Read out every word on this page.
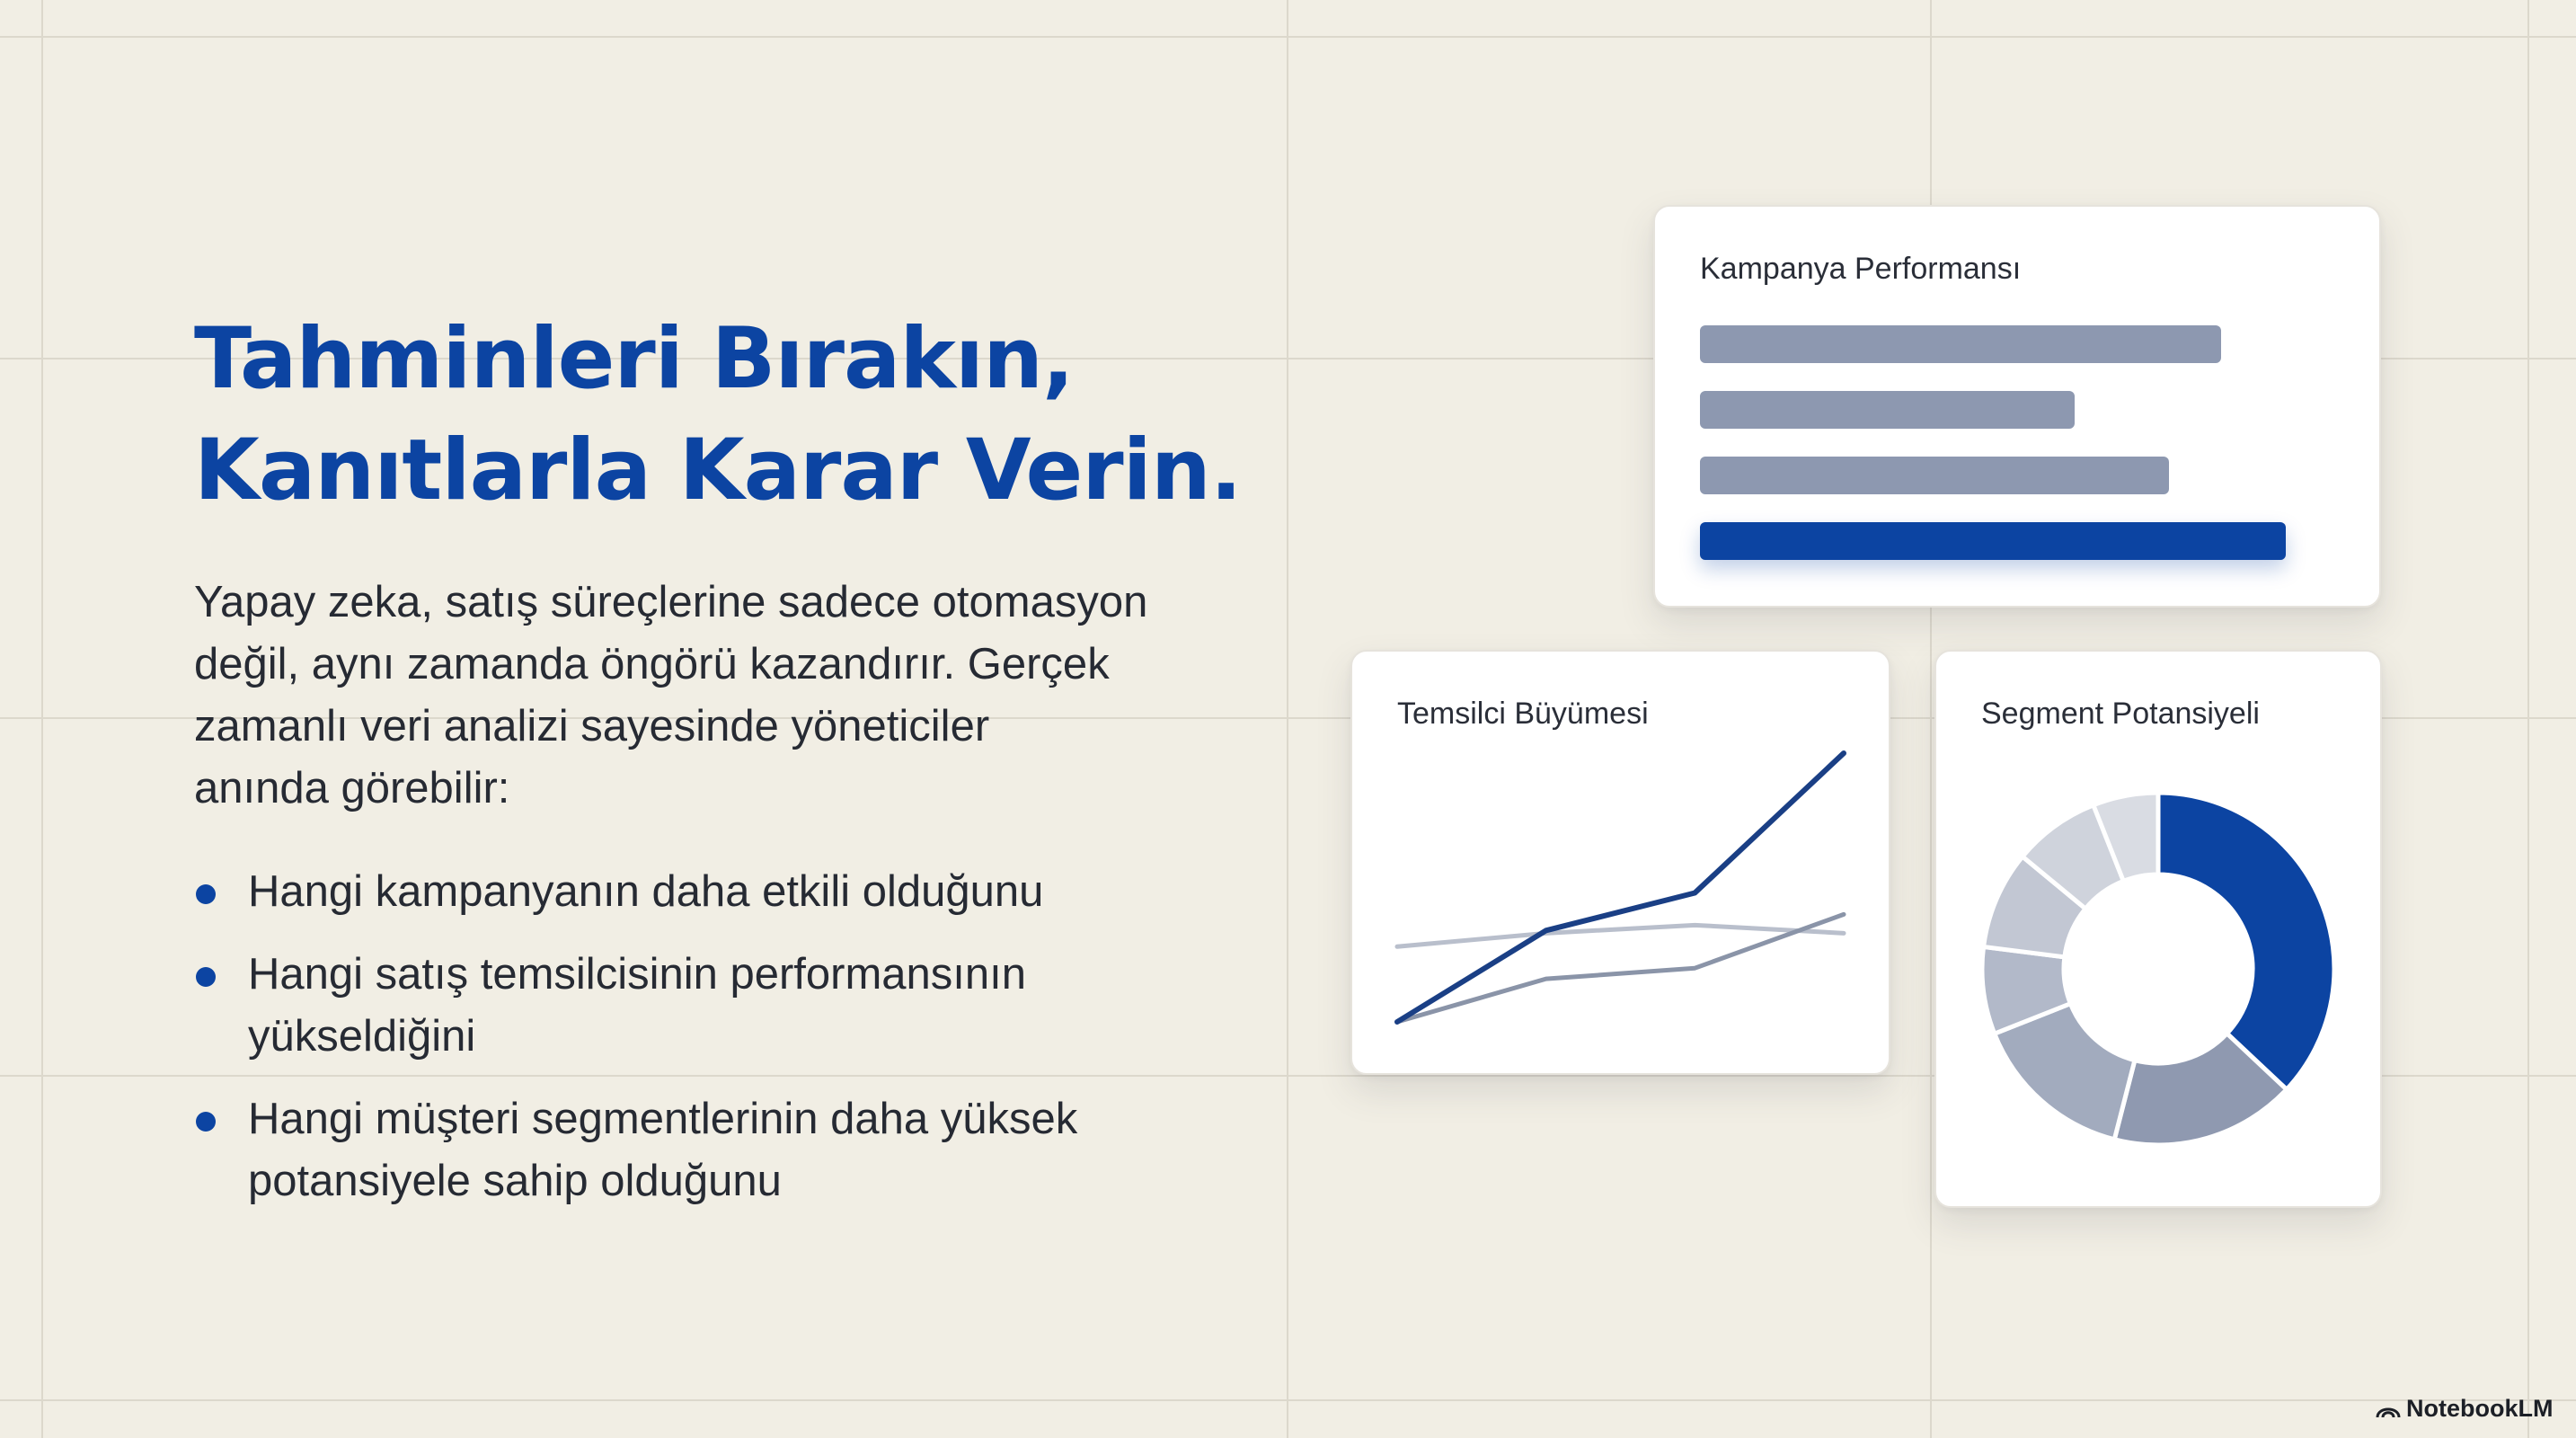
Tahminleri Bırakın,
Kanıtlarla Karar Verin.
Yapay zeka, satış süreçlerine sadece otomasyon
değil, aynı zamanda öngörü kazandırır. Gerçek
zamanlı veri analizi sayesinde yöneticiler
anında görebilir:
Hangi kampanyanın daha etkili olduğunu
Hangi satış temsilcisinin performansının
yükseldiğini
Hangi müşteri segmentlerinin daha yüksek
potansiyele sahip olduğunu
Kampanya Performansı
Temsilci Büyümesi	Segment Potansiyeli
NotebookLM
